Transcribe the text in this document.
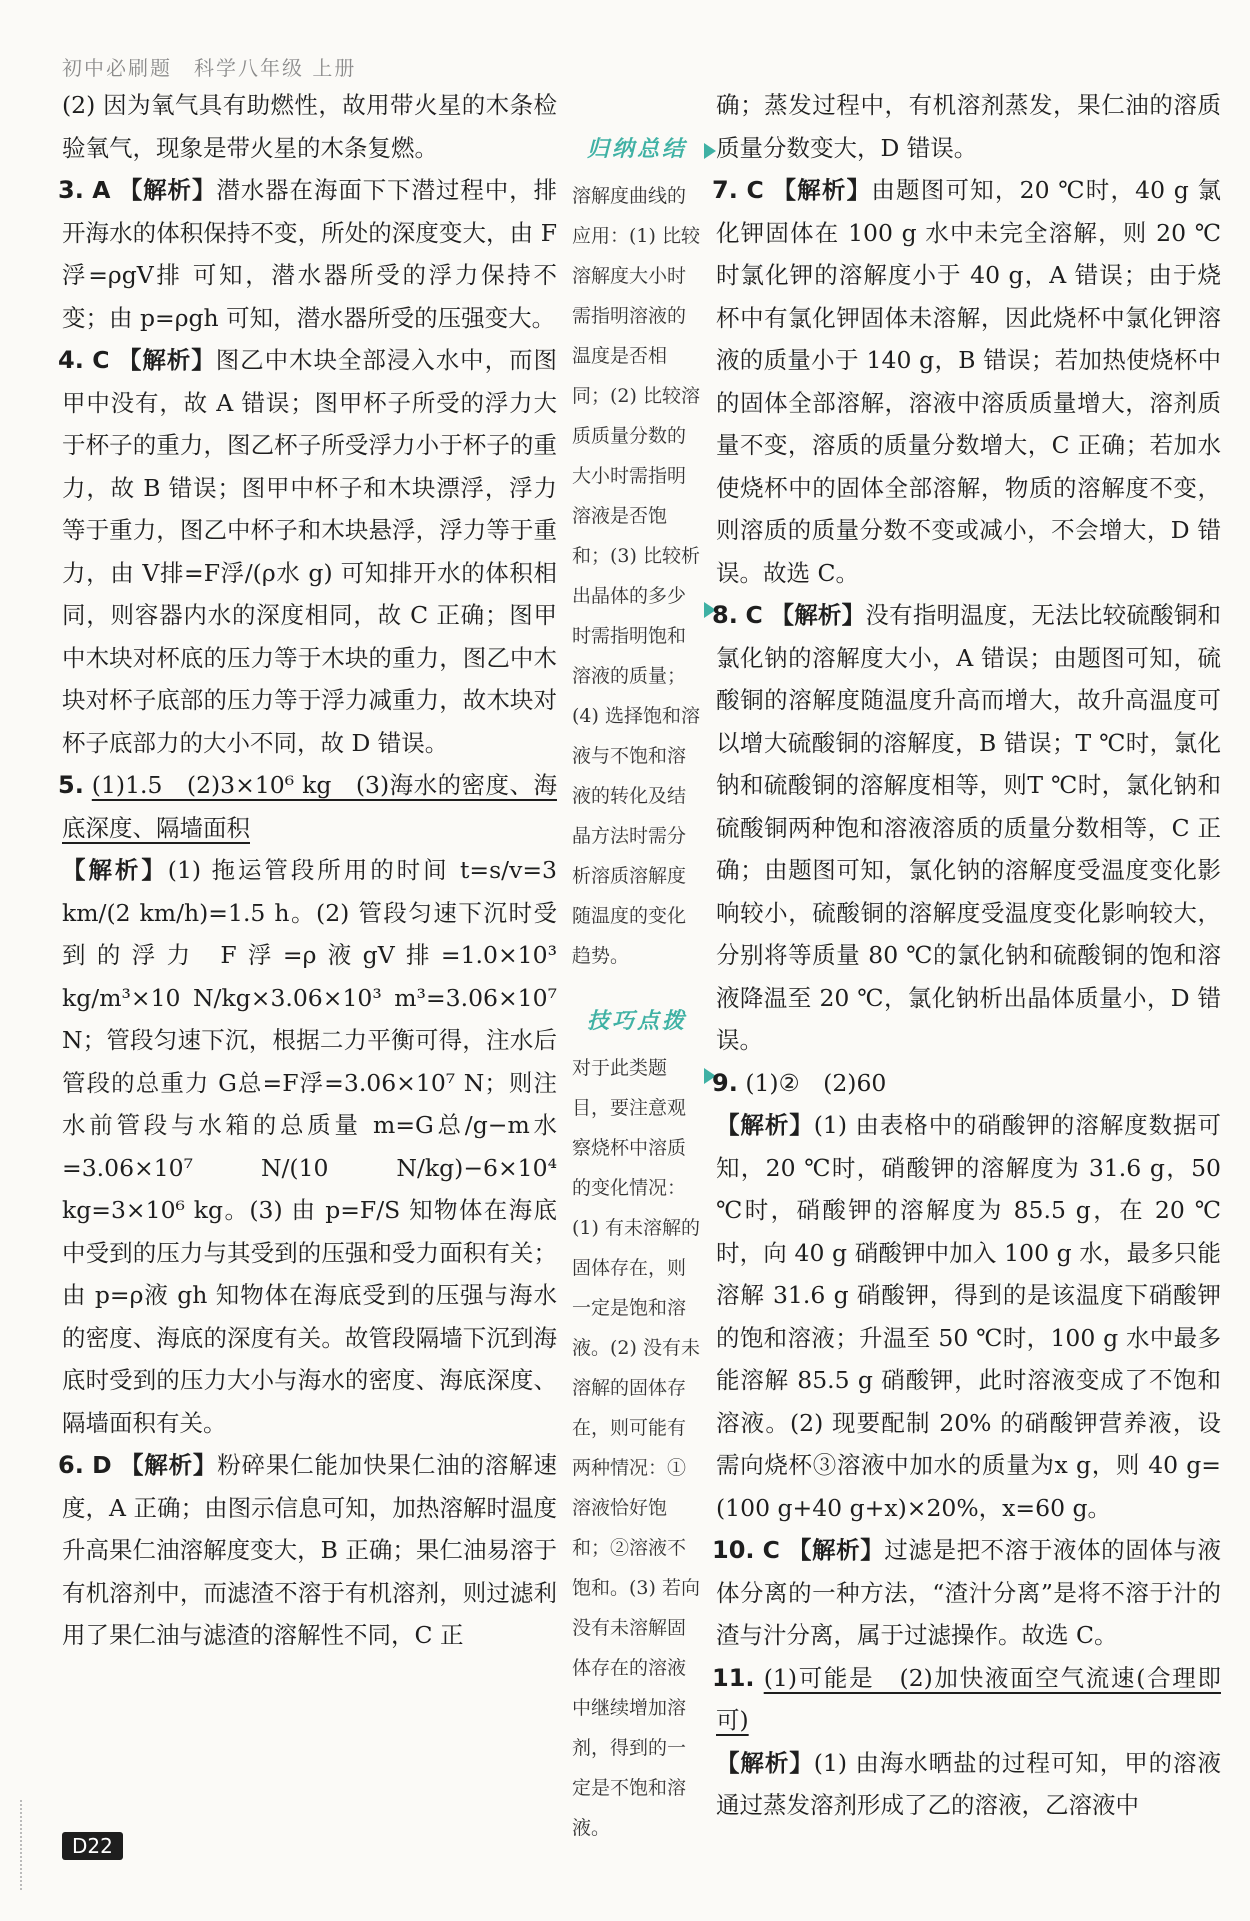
初中必刷题　科学八年级 上册

(2) 因为氧气具有助燃性，故用带火星的木条检验氧气，现象是带火星的木条复燃。

3. A 【解析】潜水器在海面下下潜过程中，排开海水的体积保持不变，所处的深度变大，由 F浮=ρgV排 可知，潜水器所受的浮力保持不变；由 p=ρgh 可知，潜水器所受的压强变大。

4. C 【解析】图乙中木块全部浸入水中，而图甲中没有，故 A 错误；图甲杯子所受的浮力大于杯子的重力，图乙杯子所受浮力小于杯子的重力，故 B 错误；图甲中杯子和木块漂浮，浮力等于重力，图乙中杯子和木块悬浮，浮力等于重力，由 V排=F浮/(ρ水 g) 可知排开水的体积相同，则容器内水的深度相同，故 C 正确；图甲中木块对杯底的压力等于木块的重力，图乙中木块对杯子底部的压力等于浮力减重力，故木块对杯子底部力的大小不同，故 D 错误。

5. (1)1.5　(2)3×10⁶ kg　(3)海水的密度、海底深度、隔墙面积

【解析】(1) 拖运管段所用的时间 t=s/v=3 km/(2 km/h)=1.5 h。(2) 管段匀速下沉时受到的浮力 F浮=ρ液gV排=1.0×10³ kg/m³×10 N/kg×3.06×10³ m³=3.06×10⁷ N；管段匀速下沉，根据二力平衡可得，注水后管段的总重力 G总=F浮=3.06×10⁷ N；则注水前管段与水箱的总质量 m=G总/g−m水=3.06×10⁷ N/(10 N/kg)−6×10⁴ kg=3×10⁶ kg。(3) 由 p=F/S 知物体在海底中受到的压力与其受到的压强和受力面积有关；由 p=ρ液 gh 知物体在海底受到的压强与海水的密度、海底的深度有关。故管段隔墙下沉到海底时受到的压力大小与海水的密度、海底深度、隔墙面积有关。

6. D 【解析】粉碎果仁能加快果仁油的溶解速度，A 正确；由图示信息可知，加热溶解时温度升高果仁油溶解度变大，B 正确；果仁油易溶于有机溶剂中，而滤渣不溶于有机溶剂，则过滤利用了果仁油与滤渣的溶解性不同，C 正

归纳总结

溶解度曲线的应用：(1) 比较溶解度大小时需指明溶液的温度是否相同；(2) 比较溶质质量分数的大小时需指明溶液是否饱和；(3) 比较析出晶体的多少时需指明饱和溶液的质量；(4) 选择饱和溶液与不饱和溶液的转化及结晶方法时需分析溶质溶解度随温度的变化趋势。

技巧点拨

对于此类题目，要注意观察烧杯中溶质的变化情况：(1) 有未溶解的固体存在，则一定是饱和溶液。(2) 没有未溶解的固体存在，则可能有两种情况：①溶液恰好饱和；②溶液不饱和。(3) 若向没有未溶解固体存在的溶液中继续增加溶剂，得到的一定是不饱和溶液。

确；蒸发过程中，有机溶剂蒸发，果仁油的溶质质量分数变大，D 错误。

7. C 【解析】由题图可知，20 ℃时，40 g 氯化钾固体在 100 g 水中未完全溶解，则 20 ℃时氯化钾的溶解度小于 40 g，A 错误；由于烧杯中有氯化钾固体未溶解，因此烧杯中氯化钾溶液的质量小于 140 g，B 错误；若加热使烧杯中的固体全部溶解，溶液中溶质质量增大，溶剂质量不变，溶质的质量分数增大，C 正确；若加水使烧杯中的固体全部溶解，物质的溶解度不变，则溶质的质量分数不变或减小，不会增大，D 错误。故选 C。

8. C 【解析】没有指明温度，无法比较硫酸铜和氯化钠的溶解度大小，A 错误；由题图可知，硫酸铜的溶解度随温度升高而增大，故升高温度可以增大硫酸铜的溶解度，B 错误；T ℃时，氯化钠和硫酸铜的溶解度相等，则T ℃时，氯化钠和硫酸铜两种饱和溶液溶质的质量分数相等，C 正确；由题图可知，氯化钠的溶解度受温度变化影响较小，硫酸铜的溶解度受温度变化影响较大，分别将等质量 80 ℃的氯化钠和硫酸铜的饱和溶液降温至 20 ℃，氯化钠析出晶体质量小，D 错误。

9. (1)②　(2)60

【解析】(1) 由表格中的硝酸钾的溶解度数据可知，20 ℃时，硝酸钾的溶解度为 31.6 g，50 ℃时，硝酸钾的溶解度为 85.5 g，在 20 ℃时，向 40 g 硝酸钾中加入 100 g 水，最多只能溶解 31.6 g 硝酸钾，得到的是该温度下硝酸钾的饱和溶液；升温至 50 ℃时，100 g 水中最多能溶解 85.5 g 硝酸钾，此时溶液变成了不饱和溶液。(2) 现要配制 20% 的硝酸钾营养液，设需向烧杯③溶液中加水的质量为x g，则 40 g=(100 g+40 g+x)×20%，x=60 g。

10. C 【解析】过滤是把不溶于液体的固体与液体分离的一种方法，“渣汁分离”是将不溶于汁的渣与汁分离，属于过滤操作。故选 C。

11. (1)可能是　(2)加快液面空气流速(合理即可)

【解析】(1) 由海水晒盐的过程可知，甲的溶液通过蒸发溶剂形成了乙的溶液，乙溶液中

D22
